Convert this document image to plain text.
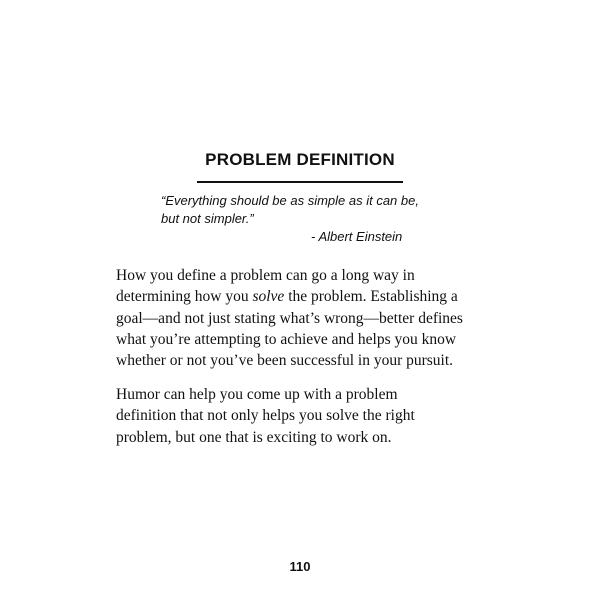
PROBLEM DEFINITION
“Everything should be as simple as it can be,
but not simpler.”
- Albert Einstein
How you define a problem can go a long way in
determining how you solve the problem. Establishing a
goal—and not just stating what’s wrong—better defines
what you’re attempting to achieve and helps you know
whether or not you’ve been successful in your pursuit.
Humor can help you come up with a problem
definition that not only helps you solve the right
problem, but one that is exciting to work on.
110
